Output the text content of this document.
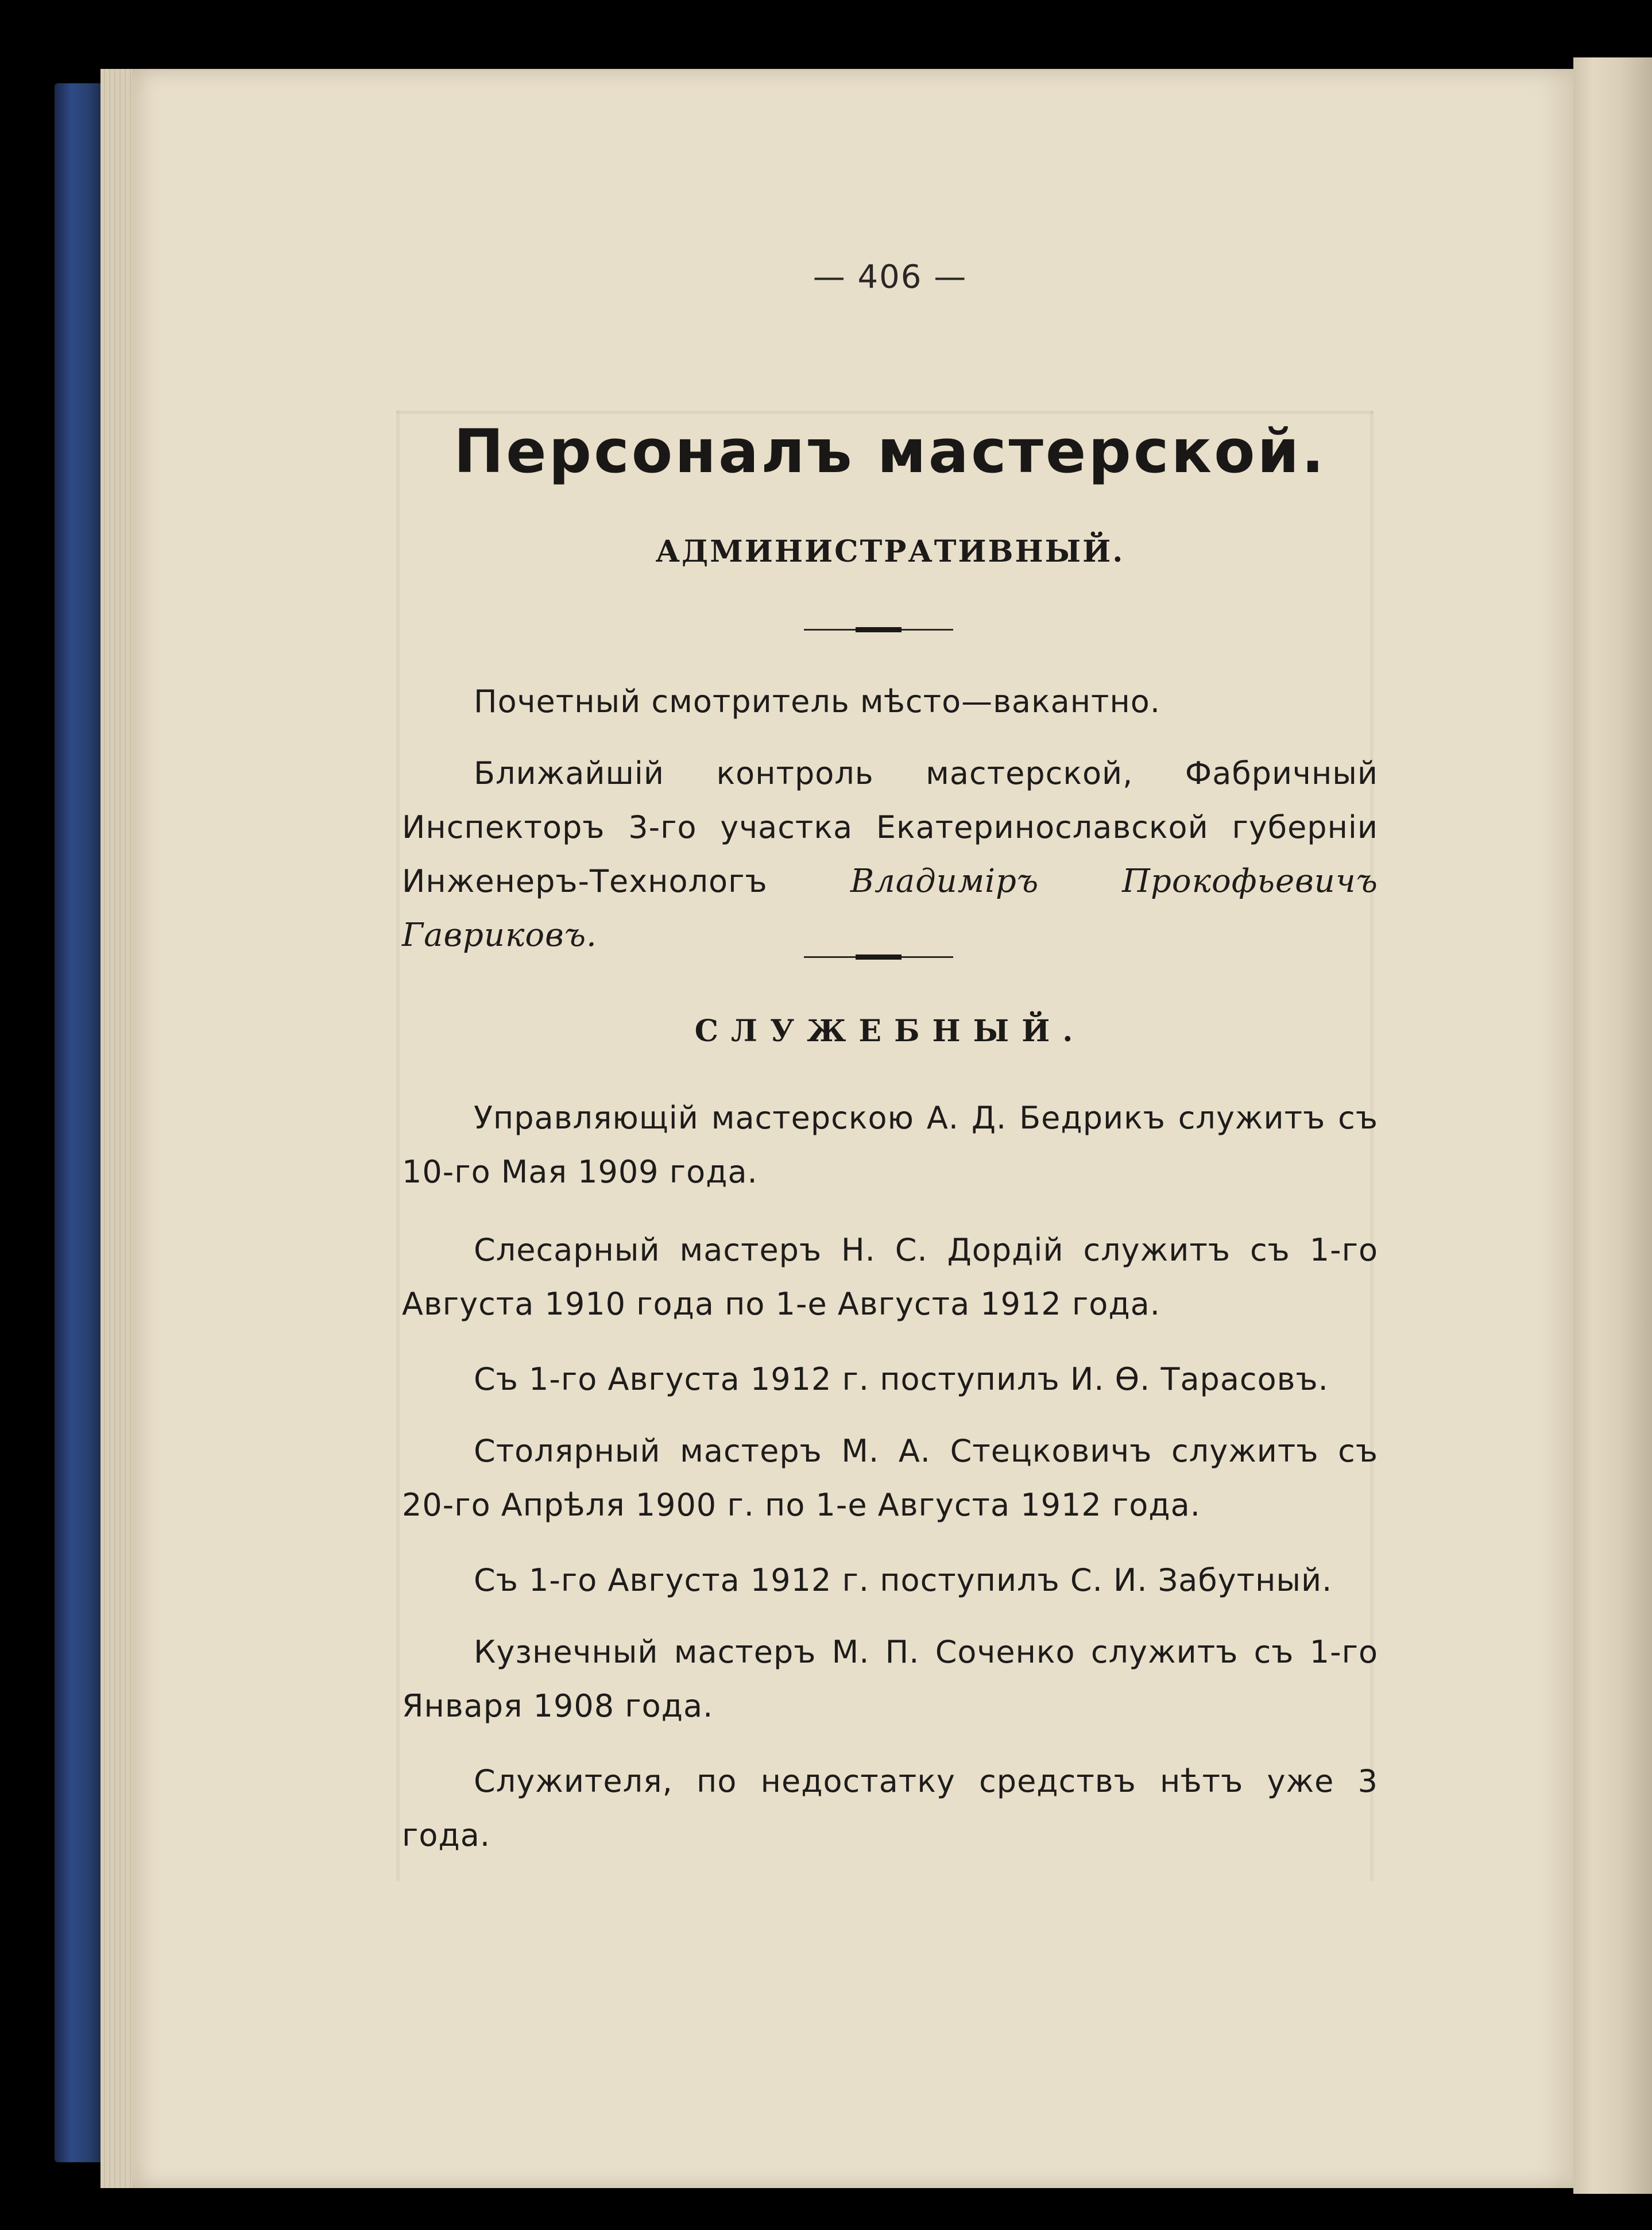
— 406 —
Персоналъ мастерской.
АДМИНИСТРАТИВНЫЙ.
Почетный смотритель мѣсто—вакантно.
Ближайшій контроль мастерской, Фабричный Инспекторъ 3-го участка Екатеринославской губерніи Инженеръ-Технологъ Владиміръ Прокофьевичъ Гавриковъ.
СЛУЖЕБНЫЙ.
Управляющій мастерскою А. Д. Бедрикъ служитъ съ 10-го Мая 1909 года.
Слесарный мастеръ Н. С. Дордій служитъ съ 1-го Августа 1910 года по 1-е Августа 1912 года.
Съ 1-го Августа 1912 г. поступилъ И. Ѳ. Тарасовъ.
Столярный мастеръ М. А. Стецковичъ служитъ съ 20-го Апрѣля 1900 г. по 1-е Августа 1912 года.
Съ 1-го Августа 1912 г. поступилъ С. И. Забутный.
Кузнечный мастеръ М. П. Соченко служитъ съ 1-го Января 1908 года.
Служителя, по недостатку средствъ нѣтъ уже 3 года.
